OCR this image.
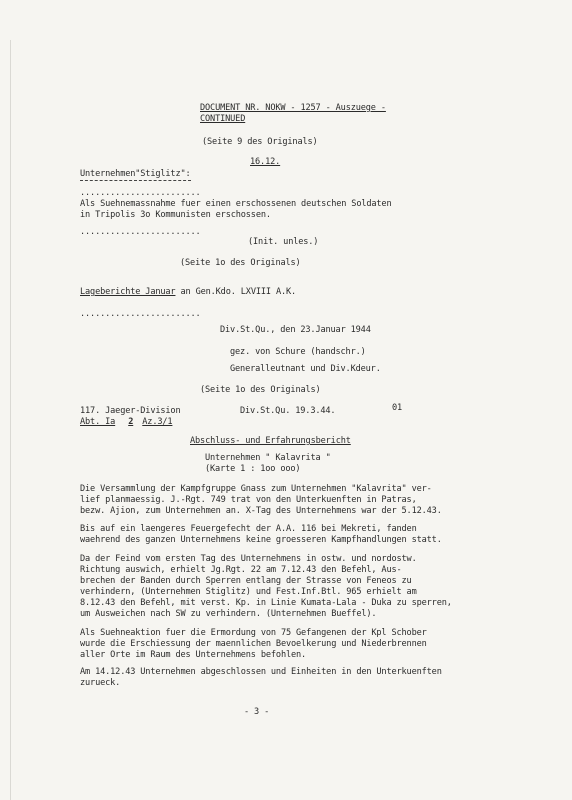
DOCUMENT NR. NOKW - 1257 - Auszuege -
CONTINUED
(Seite 9 des Originals)
16.12.
Unternehmen"Stiglitz":
........................
Als Suehnemassnahme fuer einen erschossenen deutschen Soldaten
in Tripolis 3o Kommunisten erschossen.
........................
(Init. unles.)
(Seite 1o des Originals)
Lageberichte Januar an Gen.Kdo. LXVIII A.K.
........................
Div.St.Qu., den 23.Januar 1944
gez. von Schure (handschr.)
Generalleutnant und Div.Kdeur.
(Seite 1o des Originals)
117. Jaeger-Division	Div.St.Qu. 19.3.44.	01
Abt. Ia 2 Az.3/1
Abschluss- und Erfahrungsbericht
Unternehmen " Kalavrita "
(Karte 1 : 1oo ooo)
Die Versammlung der Kampfgruppe Gnass zum Unternehmen "Kalavrita" ver-
lief planmaessig. J.-Rgt. 749 trat von den Unterkuenften in Patras,
bezw. Ajion, zum Unternehmen an. X-Tag des Unternehmens war der 5.12.43.
Bis auf ein laengeres Feuergefecht der A.A. 116 bei Mekreti, fanden
waehrend des ganzen Unternehmens keine groesseren Kampfhandlungen statt.
Da der Feind vom ersten Tag des Unternehmens in ostw. und nordostw.
Richtung auswich, erhielt Jg.Rgt. 22 am 7.12.43 den Befehl, Aus-
brechen der Banden durch Sperren entlang der Strasse von Feneos zu
verhindern, (Unternehmen Stiglitz) und Fest.Inf.Btl. 965 erhielt am
8.12.43 den Befehl, mit verst. Kp. in Linie Kumata-Lala - Duka zu sperren,
um Ausweichen nach SW zu verhindern. (Unternehmen Bueffel).
Als Suehneaktion fuer die Ermordung von 75 Gefangenen der Kpl Schober
wurde die Erschiessung der maennlichen Bevoelkerung und Niederbrennen
aller Orte im Raum des Unternehmens befohlen.
Am 14.12.43 Unternehmen abgeschlossen und Einheiten in den Unterkuenften
zurueck.
- 3 -
